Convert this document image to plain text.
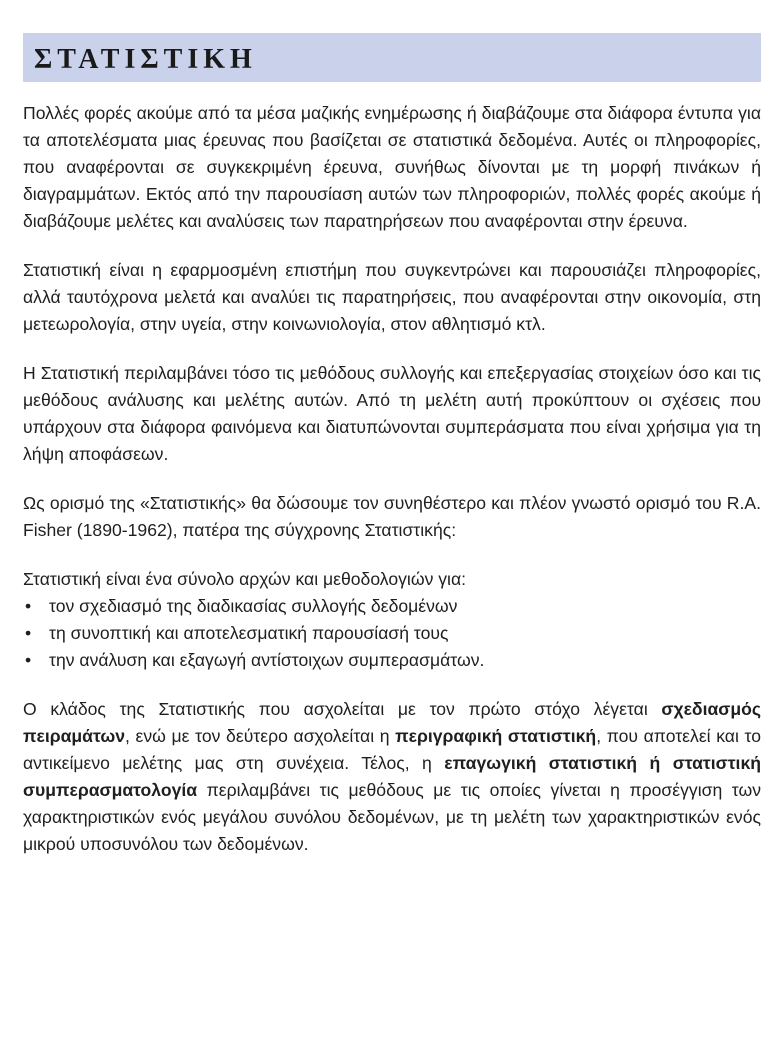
ΣΤΑΤΙΣΤΙΚΗ

Πολλές φορές ακούμε από τα μέσα μαζικής ενημέρωσης ή διαβάζουμε στα διάφορα έντυπα για τα αποτελέσματα μιας έρευνας που βασίζεται σε στατιστικά δεδομένα. Αυτές οι πληροφορίες, που αναφέρονται σε συγκεκριμένη έρευνα, συνήθως δίνονται με τη μορφή πινάκων ή διαγραμμάτων. Εκτός από την παρουσίαση αυτών των πληροφοριών, πολλές φορές ακούμε ή διαβάζουμε μελέτες και αναλύσεις των παρατηρήσεων που αναφέρονται στην έρευνα.

Στατιστική είναι η εφαρμοσμένη επιστήμη που συγκεντρώνει και παρουσιάζει πληροφορίες, αλλά ταυτόχρονα μελετά και αναλύει τις παρατηρήσεις, που αναφέρονται στην οικονομία, στη μετεωρολογία, στην υγεία, στην κοινωνιολογία, στον αθλητισμό κτλ.

Η Στατιστική περιλαμβάνει τόσο τις μεθόδους συλλογής και επεξεργασίας στοιχείων όσο και τις μεθόδους ανάλυσης και μελέτης αυτών. Από τη μελέτη αυτή προκύπτουν οι σχέσεις που υπάρχουν στα διάφορα φαινόμενα και διατυπώνονται συμπεράσματα που είναι χρήσιμα για τη λήψη αποφάσεων.

Ως ορισμό της «Στατιστικής» θα δώσουμε τον συνηθέστερο και πλέον γνωστό ορισμό του R.A. Fisher (1890-1962), πατέρα της σύγχρονης Στατιστικής:

Στατιστική είναι ένα σύνολο αρχών και μεθοδολογιών για:

• τον σχεδιασμό της διαδικασίας συλλογής δεδομένων
• τη συνοπτική και αποτελεσματική παρουσίασή τους
• την ανάλυση και εξαγωγή αντίστοιχων συμπερασμάτων.

Ο κλάδος της Στατιστικής που ασχολείται με τον πρώτο στόχο λέγεται σχεδιασμός πειραμάτων, ενώ με τον δεύτερο ασχολείται η περιγραφική στατιστική, που αποτελεί και το αντικείμενο μελέτης μας στη συνέχεια. Τέλος, η επαγωγική στατιστική ή στατιστική συμπερασματολογία περιλαμβάνει τις μεθόδους με τις οποίες γίνεται η προσέγγιση των χαρακτηριστικών ενός μεγάλου συνόλου δεδομένων, με τη μελέτη των χαρακτηριστικών ενός μικρού υποσυνόλου των δεδομένων.
